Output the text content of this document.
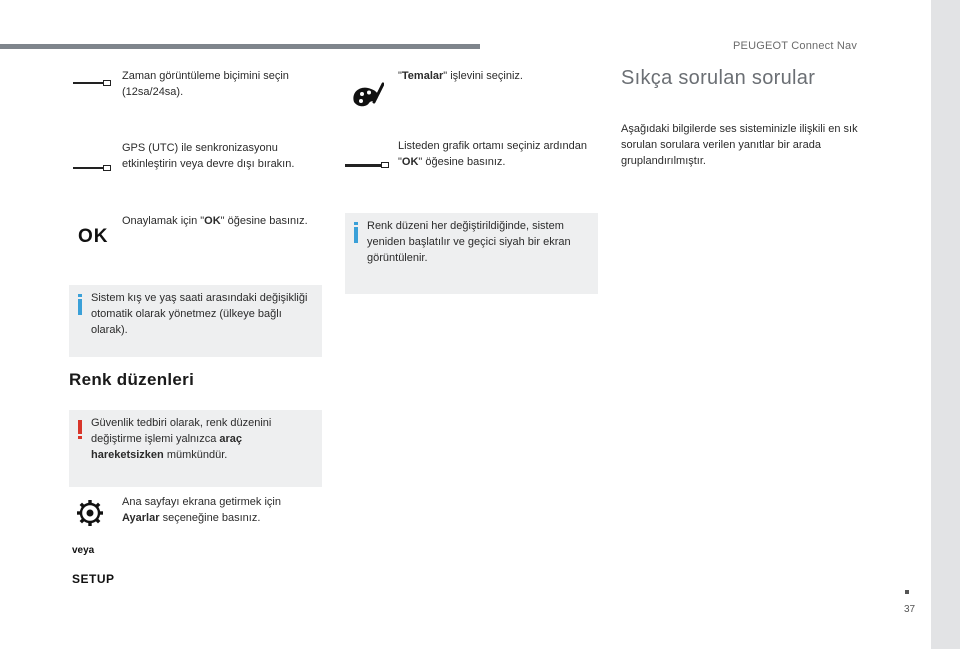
PEUGEOT Connect Nav
37
Zaman görüntüleme biçimini seçin (12sa/24sa).
GPS (UTC) ile senkronizasyonu etkinleştirin veya devre dışı bırakın.
OK
Onaylamak için "OK" öğesine basınız.
Sistem kış ve yaş saati arasındaki değişikliği otomatik olarak yönetmez (ülkeye bağlı olarak).
Renk düzenleri
Güvenlik tedbiri olarak, renk düzenini değiştirme işlemi yalnızca araç hareketsizken mümkündür.
Ana sayfayı ekrana getirmek için Ayarlar seçeneğine basınız.
veya
SETUP
"Temalar" işlevini seçiniz.
Listeden grafik ortamı seçiniz ardından "OK" öğesine basınız.
Renk düzeni her değiştirildiğinde, sistem yeniden başlatılır ve geçici siyah bir ekran görüntülenir.
Sıkça sorulan sorular
Aşağıdaki bilgilerde ses sisteminizle ilişkili en sık sorulan sorulara verilen yanıtlar bir arada gruplandırılmıştır.
